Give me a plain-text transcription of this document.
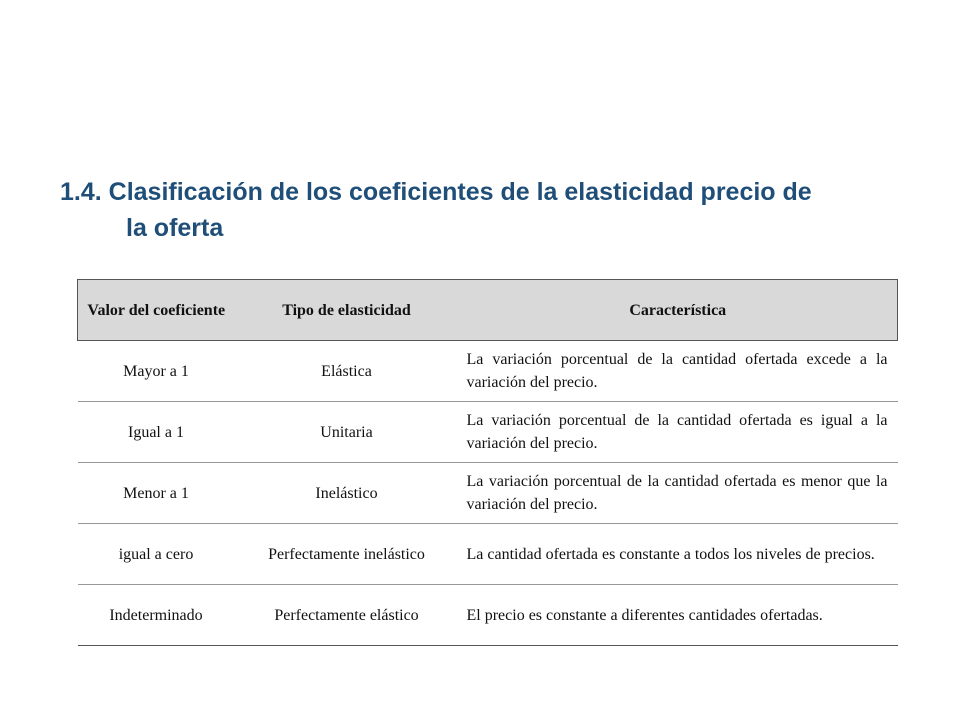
1.4. Clasificación de los coeficientes de la elasticidad precio de
la oferta
Valor del coeficiente	Tipo de elasticidad	Característica
Mayor a 1	Elástica	La variación porcentual de la cantidad ofertada excede a la variación del precio.
Igual a 1	Unitaria	La variación porcentual de la cantidad ofertada es igual a la variación del precio.
Menor a 1	Inelástico	La variación porcentual de la cantidad ofertada es menor que la variación del precio.
igual a cero	Perfectamente inelástico	La cantidad ofertada es constante a todos los niveles de precios.
Indeterminado	Perfectamente elástico	El precio es constante a diferentes cantidades ofertadas.
